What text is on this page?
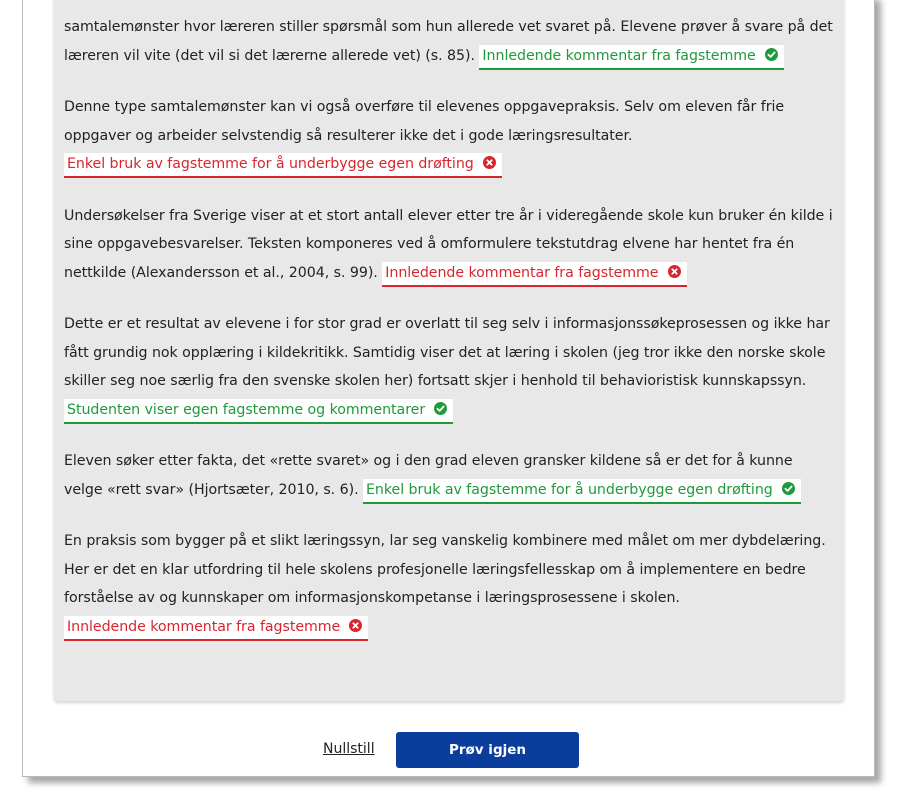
samtalemønster hvor læreren stiller spørsmål som hun allerede vet svaret på. Elevene prøver å svare på det læreren vil vite (det vil si det lærerne allerede vet) (s. 85). Innledende kommentar fra fagstemme

Denne type samtalemønster kan vi også overføre til elevenes oppgavepraksis. Selv om eleven får frie oppgaver og arbeider selvstendig så resulterer ikke det i gode læringsresultater. Enkel bruk av fagstemme for å underbygge egen drøfting

Undersøkelser fra Sverige viser at et stort antall elever etter tre år i videregående skole kun bruker én kilde i sine oppgavebesvarelser. Teksten komponeres ved å omformulere tekstutdrag elvene har hentet fra én nettkilde (Alexandersson et al., 2004, s. 99). Innledende kommentar fra fagstemme

Dette er et resultat av elevene i for stor grad er overlatt til seg selv i informasjonssøkeprosessen og ikke har fått grundig nok opplæring i kildekritikk. Samtidig viser det at læring i skolen (jeg tror ikke den norske skole skiller seg noe særlig fra den svenske skolen her) fortsatt skjer i henhold til behavioristisk kunnskapssyn. Studenten viser egen fagstemme og kommentarer

Eleven søker etter fakta, det «rette svaret» og i den grad eleven gransker kildene så er det for å kunne velge «rett svar» (Hjortsæter, 2010, s. 6). Enkel bruk av fagstemme for å underbygge egen drøfting

En praksis som bygger på et slikt læringssyn, lar seg vanskelig kombinere med målet om mer dybdelæring. Her er det en klar utfordring til hele skolens profesjonelle læringsfellesskap om å implementere en bedre forståelse av og kunnskaper om informasjonskompetanse i læringsprosessene i skolen. Innledende kommentar fra fagstemme

Nullstill	Prøv igjen
